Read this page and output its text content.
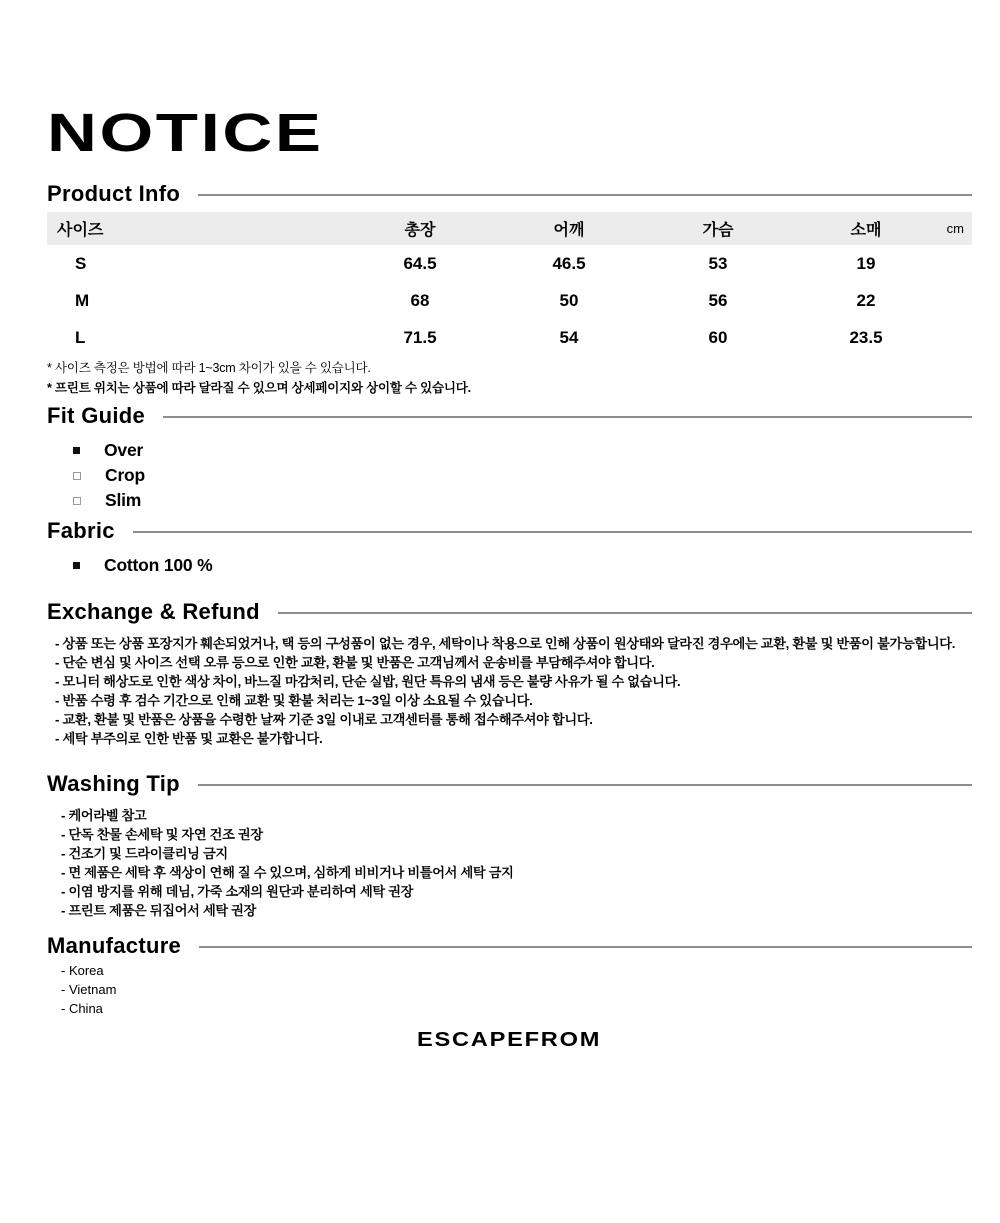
NOTICE
Product Info
사이즈	총장	어깨	가슴	소매	cm
S	64.5	46.5	53	19
M	68	50	56	22
L	71.5	54	60	23.5
* 사이즈 측정은 방법에 따라 1~3cm 차이가 있을 수 있습니다.
* 프린트 위치는 상품에 따라 달라질 수 있으며 상세페이지와 상이할 수 있습니다.
Fit Guide
Over
Crop
Slim
Fabric
Cotton 100 %
Exchange & Refund
- 상품 또는 상품 포장지가 훼손되었거나, 택 등의 구성품이 없는 경우, 세탁이나 착용으로 인해 상품이 원상태와 달라진 경우에는 교환, 환불 및 반품이 불가능합니다.
- 단순 변심 및 사이즈 선택 오류 등으로 인한 교환, 환불 및 반품은 고객님께서 운송비를 부담해주셔야 합니다.
- 모니터 해상도로 인한 색상 차이, 바느질 마감처리, 단순 실밥, 원단 특유의 냄새 등은 불량 사유가 될 수 없습니다.
- 반품 수령 후 검수 기간으로 인해 교환 및 환불 처리는 1~3일 이상 소요될 수 있습니다.
- 교환, 환불 및 반품은 상품을 수령한 날짜 기준 3일 이내로 고객센터를 통해 접수해주셔야 합니다.
- 세탁 부주의로 인한 반품 및 교환은 불가합니다.
Washing Tip
- 케어라벨 참고
- 단독 찬물 손세탁 및 자연 건조 권장
- 건조기 및 드라이클리닝 금지
- 면 제품은 세탁 후 색상이 연해 질 수 있으며, 심하게 비비거나 비틀어서 세탁 금지
- 이염 방지를 위해 데님, 가죽 소재의 원단과 분리하여 세탁 권장
- 프린트 제품은 뒤집어서 세탁 권장
Manufacture
- Korea
- Vietnam
- China
ESCAPEFROM
